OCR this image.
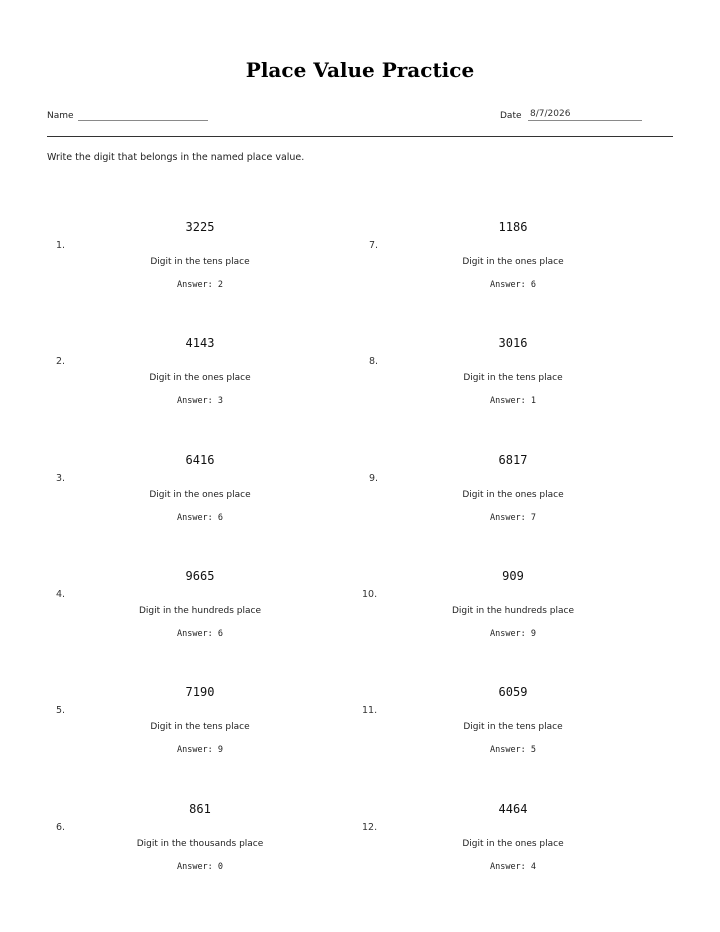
Place Value Practice
Name	Date 8/7/2026
Write the digit that belongs in the named place value.
1.
3225
Digit in the tens place
Answer: 2
2.
4143
Digit in the ones place
Answer: 3
3.
6416
Digit in the ones place
Answer: 6
4.
9665
Digit in the hundreds place
Answer: 6
5.
7190
Digit in the tens place
Answer: 9
6.
861
Digit in the thousands place
Answer: 0
7.
1186
Digit in the ones place
Answer: 6
8.
3016
Digit in the tens place
Answer: 1
9.
6817
Digit in the ones place
Answer: 7
10.
909
Digit in the hundreds place
Answer: 9
11.
6059
Digit in the tens place
Answer: 5
12.
4464
Digit in the ones place
Answer: 4
